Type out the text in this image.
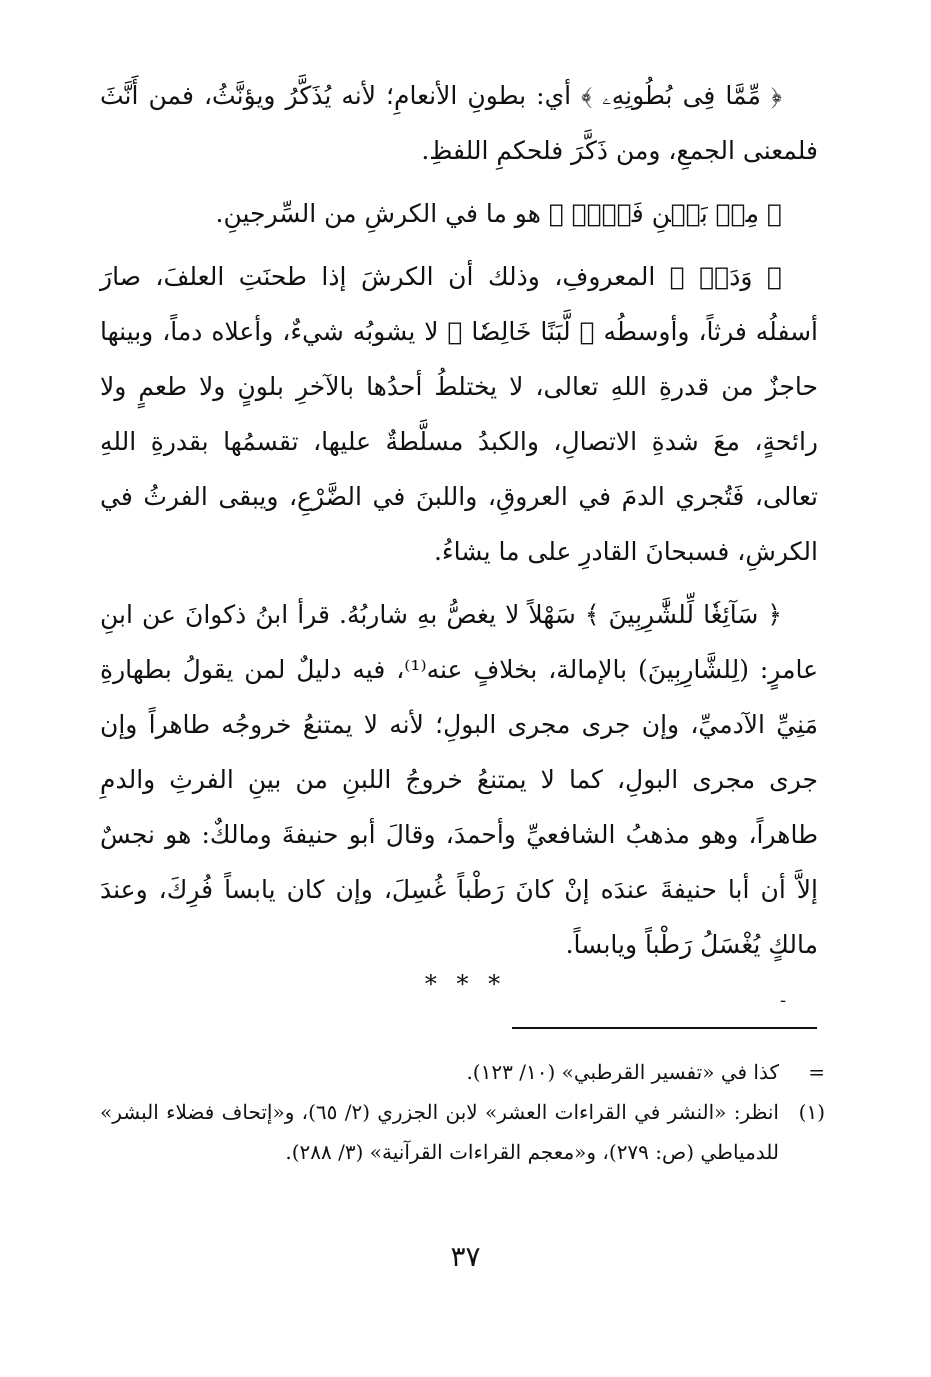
﴿ مِّمَّا فِى بُطُونِهِۦ ﴾ أي: بطونِ الأنعامِ؛ لأنه يُذَكَّرُ ويؤنَّثُ، فمن أَنَّثَ فلمعنى الجمعِ، ومن ذَكَّرَ فلحكمِ اللفظِ.

﴿ مِنۢ بَيۡنِ فَرۡثٖ ﴾ هو ما في الكرشِ من السِّرجينِ.

﴿ وَدَمٖ ﴾ المعروفِ، وذلك أن الكرشَ إذا طحنَتِ العلفَ، صارَ أسفلُه فرثاً، وأوسطُه ﴿ لَّبَنًا خَالِصٗا ﴾ لا يشوبُه شيءٌ، وأعلاه دماً، وبينها حاجزٌ من قدرةِ اللهِ تعالى، لا يختلطُ أحدُها بالآخرِ بلونٍ ولا طعمٍ ولا رائحةٍ، معَ شدةِ الاتصالِ، والكبدُ مسلَّطةٌ عليها، تقسمُها بقدرةِ اللهِ تعالى، فَتُجري الدمَ في العروقِ، واللبنَ في الضَّرْعِ، ويبقى الفرثُ في الكرشِ، فسبحانَ القادرِ على ما يشاءُ.

﴿ سَآئِغٗا لِّلشَّٰرِبِينَ ﴾ سَهْلاً لا يغصُّ بهِ شاربُهُ. قرأ ابنُ ذكوانَ عن ابنِ عامرٍ: (لِلشَّارِبِينَ) بالإمالة، بخلافٍ عنه⁽¹⁾، فيه دليلٌ لمن يقولُ بطهارةِ مَنِيِّ الآدميِّ، وإن جرى مجرى البولِ؛ لأنه لا يمتنعُ خروجُه طاهراً وإن جرى مجرى البولِ، كما لا يمتنعُ خروجُ اللبنِ من بينِ الفرثِ والدمِ طاهراً، وهو مذهبُ الشافعيِّ وأحمدَ، وقالَ أبو حنيفةَ ومالكٌ: هو نجسٌ إلاَّ أن أبا حنيفةَ عندَه إنْ كانَ رَطْباً غُسِلَ، وإن كان يابساً فُرِكَ، وعندَ مالكٍ يُغْسَلُ رَطْباً ويابساً.

* * *
-
=
كذا في «تفسير القرطبي» (١٠/ ١٢٣).
(١)
انظر: «النشر في القراءات العشر» لابن الجزري (٢/ ٦٥)، و«إتحاف فضلاء البشر» للدمياطي (ص: ٢٧٩)، و«معجم القراءات القرآنية» (٣/ ٢٨٨).
٣٧
